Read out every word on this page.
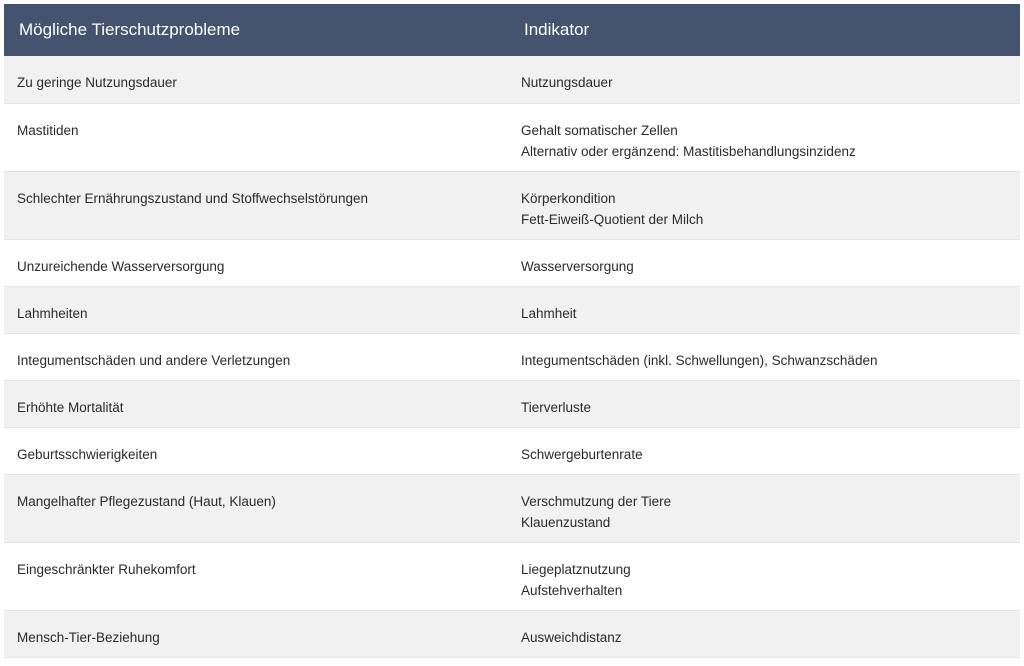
Mögliche Tierschutzprobleme	Indikator
Zu geringe Nutzungsdauer	Nutzungsdauer

Mastitiden	Gehalt somatischer Zellen
Alternativ oder ergänzend: Mastitisbehandlungsinzidenz

Schlechter Ernährungszustand und Stoffwechselstörungen	Körperkondition
Fett-Eiweiß-Quotient der Milch

Unzureichende Wasserversorgung	Wasserversorgung

Lahmheiten	Lahmheit

Integumentschäden und andere Verletzungen	Integumentschäden (inkl. Schwellungen), Schwanzschäden

Erhöhte Mortalität	Tierverluste

Geburtsschwierigkeiten	Schwergeburtenrate

Mangelhafter Pflegezustand (Haut, Klauen)	Verschmutzung der Tiere
Klauenzustand

Eingeschränkter Ruhekomfort	Liegeplatznutzung
Aufstehverhalten

Mensch-Tier-Beziehung	Ausweichdistanz
